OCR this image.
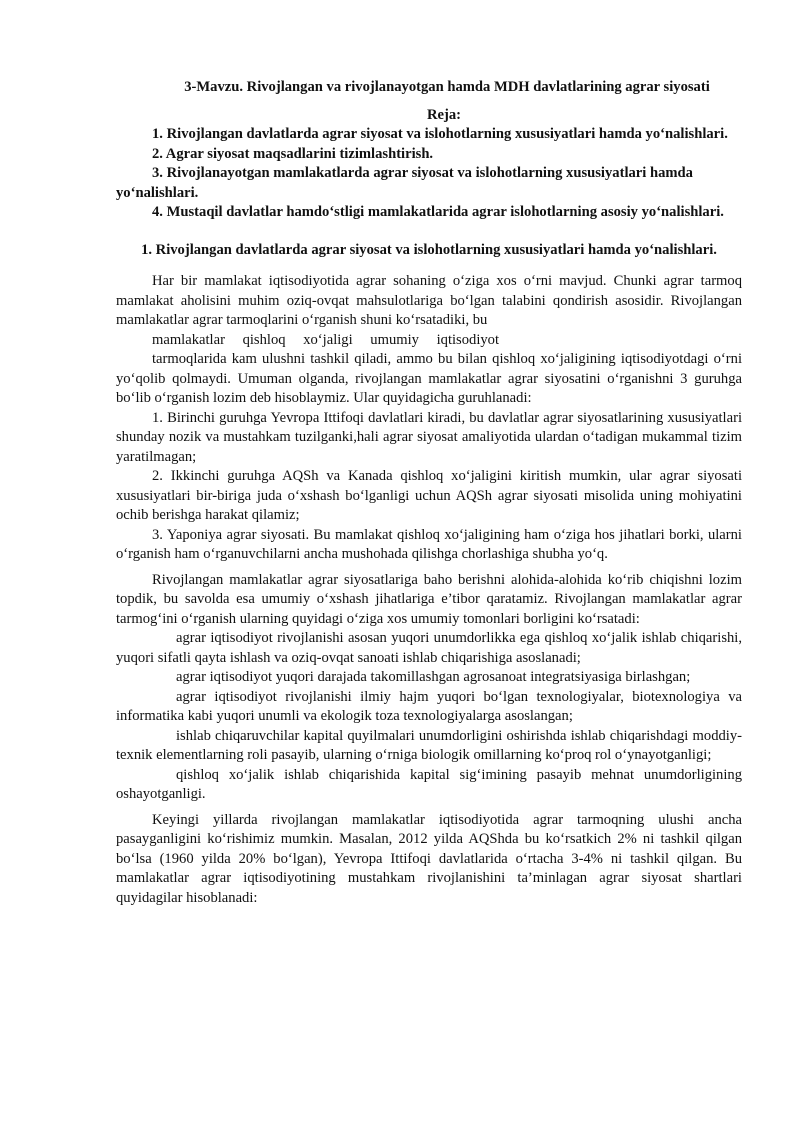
3-Mavzu. Rivojlangan va rivojlanayotgan hamda MDH davlatlarining agrar siyosati
Reja:
1. Rivojlangan davlatlarda agrar siyosat va islohotlarning xususiyatlari hamda yo‘nalishlari.
2. Agrar siyosat maqsadlarini tizimlashtirish.
3. Rivojlanayotgan mamlakatlarda agrar siyosat va islohotlarning xususiyatlari hamda yo‘nalishlari.
4. Mustaqil davlatlar hamdo‘stligi mamlakatlarida agrar islohotlarning asosiy yo‘nalishlari.
1. Rivojlangan davlatlarda agrar siyosat va islohotlarning xususiyatlari hamda yo‘nalishlari.

Har bir mamlakat iqtisodiyotida agrar sohaning o‘ziga xos o‘rni mavjud. Chunki agrar tarmoq mamlakat aholisini muhim oziq-ovqat mahsulotlariga bo‘lgan talabini qondirish asosidir. Rivojlangan mamlakatlar agrar tarmoqlarini o‘rganish shuni ko‘rsatadiki, bu

mamlakatlar qishloq xo‘jaligi umumiy iqtisodiyot

tarmoqlarida kam ulushni tashkil qiladi, ammo bu bilan qishloq xo‘jaligining iqtisodiyotdagi o‘rni yo‘qolib qolmaydi. Umuman olganda, rivojlangan mamlakatlar agrar siyosatini o‘rganishni 3 guruhga bo‘lib o‘rganish lozim deb hisoblaymiz. Ular quyidagicha guruhlanadi:

1. Birinchi guruhga Yevropa Ittifoqi davlatlari kiradi, bu davlatlar agrar siyosatlarining xususiyatlari shunday nozik va mustahkam tuzilganki,hali agrar siyosat amaliyotida ulardan o‘tadigan mukammal tizim yaratilmagan;

2. Ikkinchi guruhga AQSh va Kanada qishloq xo‘jaligini kiritish mumkin, ular agrar siyosati xususiyatlari bir-biriga juda o‘xshash bo‘lganligi uchun AQSh agrar siyosati misolida uning mohiyatini ochib berishga harakat qilamiz;

3. Yaponiya agrar siyosati. Bu mamlakat qishloq xo‘jaligining ham o‘ziga hos jihatlari borki, ularni o‘rganish ham o‘rganuvchilarni ancha mushohada qilishga chorlashiga shubha yo‘q.

Rivojlangan mamlakatlar agrar siyosatlariga baho berishni alohida-alohida ko‘rib chiqishni lozim topdik, bu savolda esa umumiy o‘xshash jihatlariga e’tibor qaratamiz. Rivojlangan mamlakatlar agrar tarmog‘ini o‘rganish ularning quyidagi o‘ziga xos umumiy tomonlari borligini ko‘rsatadi:

agrar iqtisodiyot rivojlanishi asosan yuqori unumdorlikka ega qishloq xo‘jalik ishlab chiqarishi, yuqori sifatli qayta ishlash va oziq-ovqat sanoati ishlab chiqarishiga asoslanadi;

agrar iqtisodiyot yuqori darajada takomillashgan agrosanoat integratsiyasiga birlashgan;

agrar iqtisodiyot rivojlanishi ilmiy hajm yuqori bo‘lgan texnologiyalar, biotexnologiya va informatika kabi yuqori unumli va ekologik toza texnologiyalarga asoslangan;

ishlab chiqaruvchilar kapital quyilmalari unumdorligini oshirishda ishlab chiqarishdagi moddiy-texnik elementlarning roli pasayib, ularning o‘rniga biologik omillarning ko‘proq rol o‘ynayotganligi;

qishloq xo‘jalik ishlab chiqarishida kapital sig‘imining pasayib mehnat unumdorligining oshayotganligi.

Keyingi yillarda rivojlangan mamlakatlar iqtisodiyotida agrar tarmoqning ulushi ancha pasayganligini ko‘rishimiz mumkin. Masalan, 2012 yilda AQShda bu ko‘rsatkich 2% ni tashkil qilgan bo‘lsa (1960 yilda 20% bo‘lgan), Yevropa Ittifoqi davlatlarida o‘rtacha 3-4% ni tashkil qilgan. Bu mamlakatlar agrar iqtisodiyotining mustahkam rivojlanishini ta’minlagan agrar siyosat shartlari quyidagilar hisoblanadi:
